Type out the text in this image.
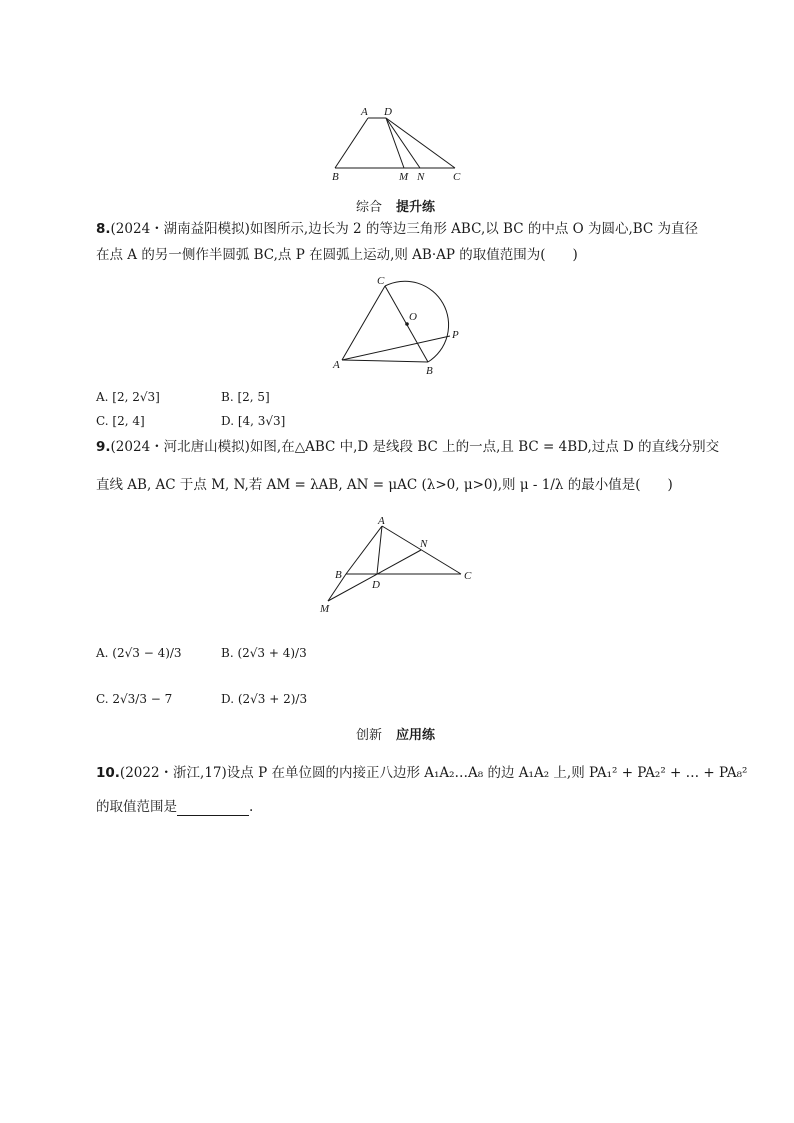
A D
B	M N	C
综合 提升练
8.(2024・湖南益阳模拟)如图所示,边长为 2 的等边三角形 ABC,以 BC 的中点 O 为圆心,BC 为直径
在点 A 的另一侧作半圆弧 BC,点 P 在圆弧上运动,则 AB·AP 的取值范围为(　　)
C
O
P
A	B
A. [2, 2√3]	B. [2, 5]
C. [2, 4]	D. [4, 3√3]
9.(2024・河北唐山模拟)如图,在△ABC 中,D 是线段 BC 上的一点,且 BC = 4BD,过点 D 的直线分别交
直线 AB, AC 于点 M, N,若 AM = λAB, AN = μAC (λ>0, μ>0),则 μ - 1/λ 的最小值是(　　)
A
N
B
D
C
M
A. (2√3 − 4)/3	B. (2√3 + 4)/3
C. 2√3/3 − 7	D. (2√3 + 2)/3
创新 应用练
10.(2022・浙江,17)设点 P 在单位圆的内接正八边形 A₁A₂…A₈ 的边 A₁A₂ 上,则 PA₁² + PA₂² + … + PA₈²
的取值范围是	.
